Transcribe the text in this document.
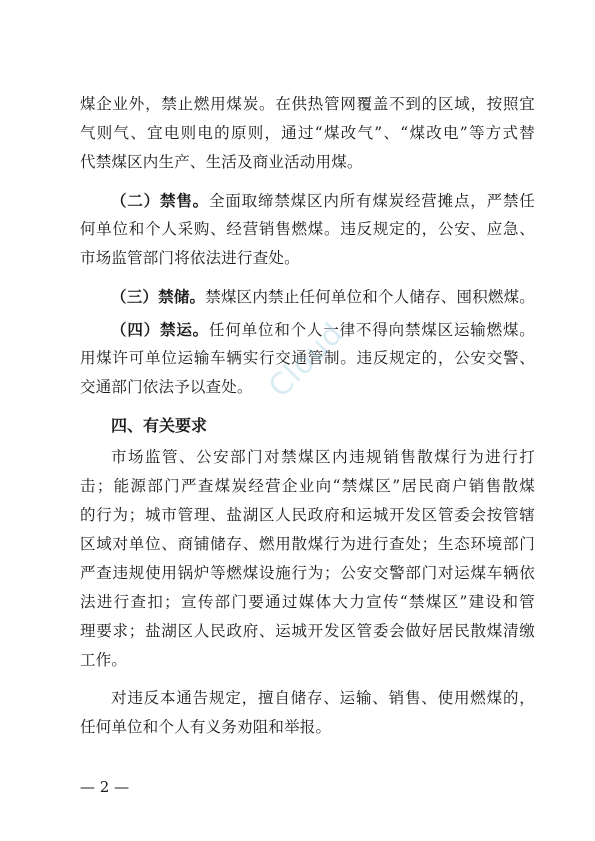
煤企业外，禁止燃用煤炭。在供热管网覆盖不到的区域，按照宜
气则气、宜电则电的原则，通过“煤改气”、“煤改电”等方式替
代禁煤区内生产、生活及商业活动用煤。
（二）禁售。全面取缔禁煤区内所有煤炭经营摊点，严禁任
何单位和个人采购、经营销售燃煤。违反规定的，公安、应急、
市场监管部门将依法进行查处。
（三）禁储。禁煤区内禁止任何单位和个人储存、囤积燃煤。
（四）禁运。任何单位和个人一律不得向禁煤区运输燃煤。
用煤许可单位运输车辆实行交通管制。违反规定的，公安交警、
交通部门依法予以查处。
四、有关要求
市场监管、公安部门对禁煤区内违规销售散煤行为进行打
击；能源部门严查煤炭经营企业向“禁煤区”居民商户销售散煤
的行为；城市管理、盐湖区人民政府和运城开发区管委会按管辖
区域对单位、商铺储存、燃用散煤行为进行查处；生态环境部门
严查违规使用锅炉等燃煤设施行为；公安交警部门对运煤车辆依
法进行查扣；宣传部门要通过媒体大力宣传“禁煤区”建设和管
理要求；盐湖区人民政府、运城开发区管委会做好居民散煤清缴
工作。
对违反本通告规定，擅自储存、运输、销售、使用燃煤的，
任何单位和个人有义务劝阻和举报。
Cloud
— 2 —
